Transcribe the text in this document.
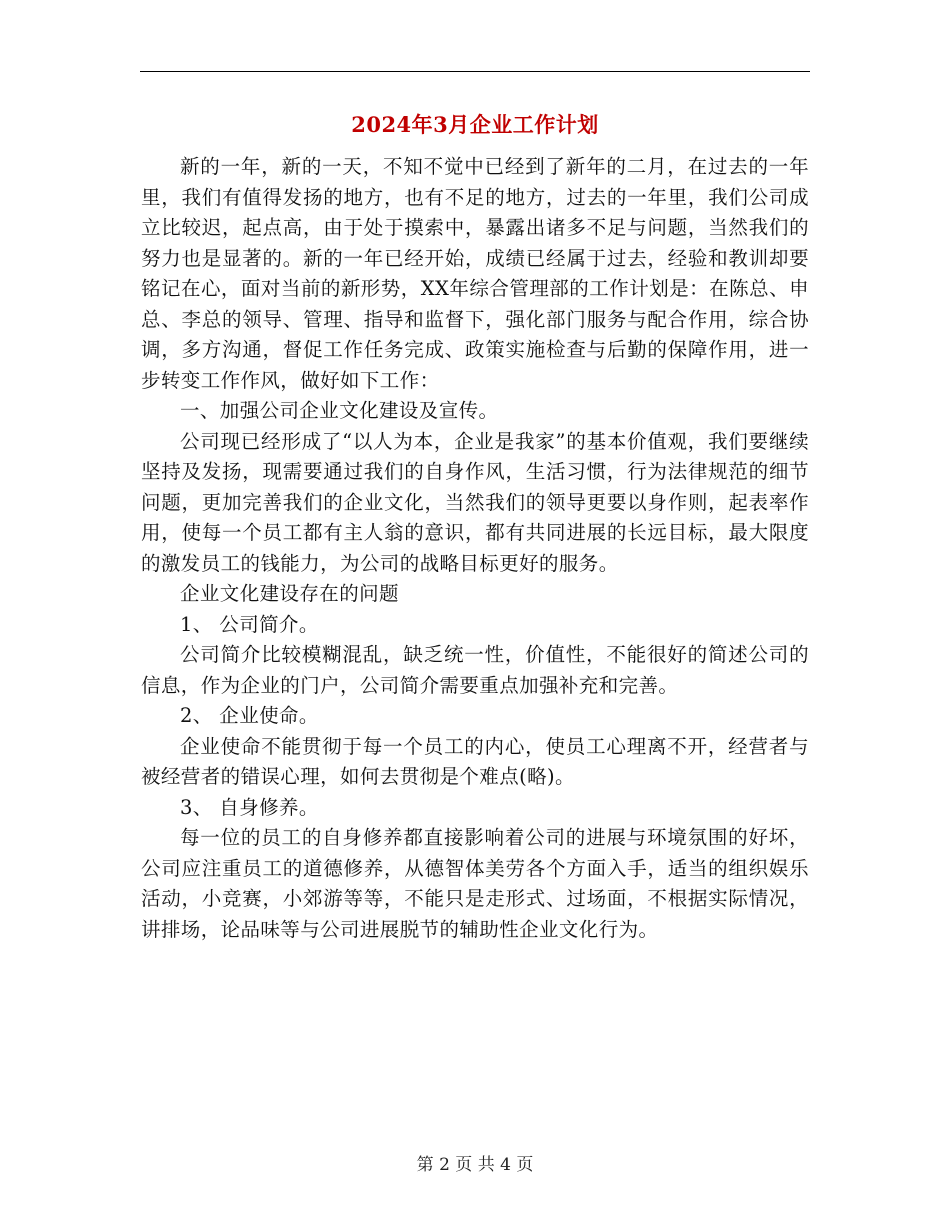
2024年3月企业工作计划

新的一年，新的一天，不知不觉中已经到了新年的二月，在过去的一年里，我们有值得发扬的地方，也有不足的地方，过去的一年里，我们公司成立比较迟，起点高，由于处于摸索中，暴露出诸多不足与问题，当然我们的努力也是显著的。新的一年已经开始，成绩已经属于过去，经验和教训却要铭记在心，面对当前的新形势，XX年综合管理部的工作计划是：在陈总、申总、李总的领导、管理、指导和监督下，强化部门服务与配合作用，综合协调，多方沟通，督促工作任务完成、政策实施检查与后勤的保障作用，进一步转变工作作风，做好如下工作：

一、加强公司企业文化建设及宣传。

公司现已经形成了“以人为本，企业是我家”的基本价值观，我们要继续坚持及发扬，现需要通过我们的自身作风，生活习惯，行为法律规范的细节问题，更加完善我们的企业文化，当然我们的领导更要以身作则，起表率作用，使每一个员工都有主人翁的意识，都有共同进展的长远目标，最大限度的激发员工的钱能力，为公司的战略目标更好的服务。

企业文化建设存在的问题

1、 公司简介。

公司简介比较模糊混乱，缺乏统一性，价值性，不能很好的简述公司的信息，作为企业的门户，公司简介需要重点加强补充和完善。

2、 企业使命。

企业使命不能贯彻于每一个员工的内心，使员工心理离不开，经营者与被经营者的错误心理，如何去贯彻是个难点(略)。

3、 自身修养。

每一位的员工的自身修养都直接影响着公司的进展与环境氛围的好坏，公司应注重员工的道德修养，从德智体美劳各个方面入手，适当的组织娱乐活动，小竞赛，小郊游等等，不能只是走形式、过场面，不根据实际情况，讲排场，论品味等与公司进展脱节的辅助性企业文化行为。

第 2 页 共 4 页
